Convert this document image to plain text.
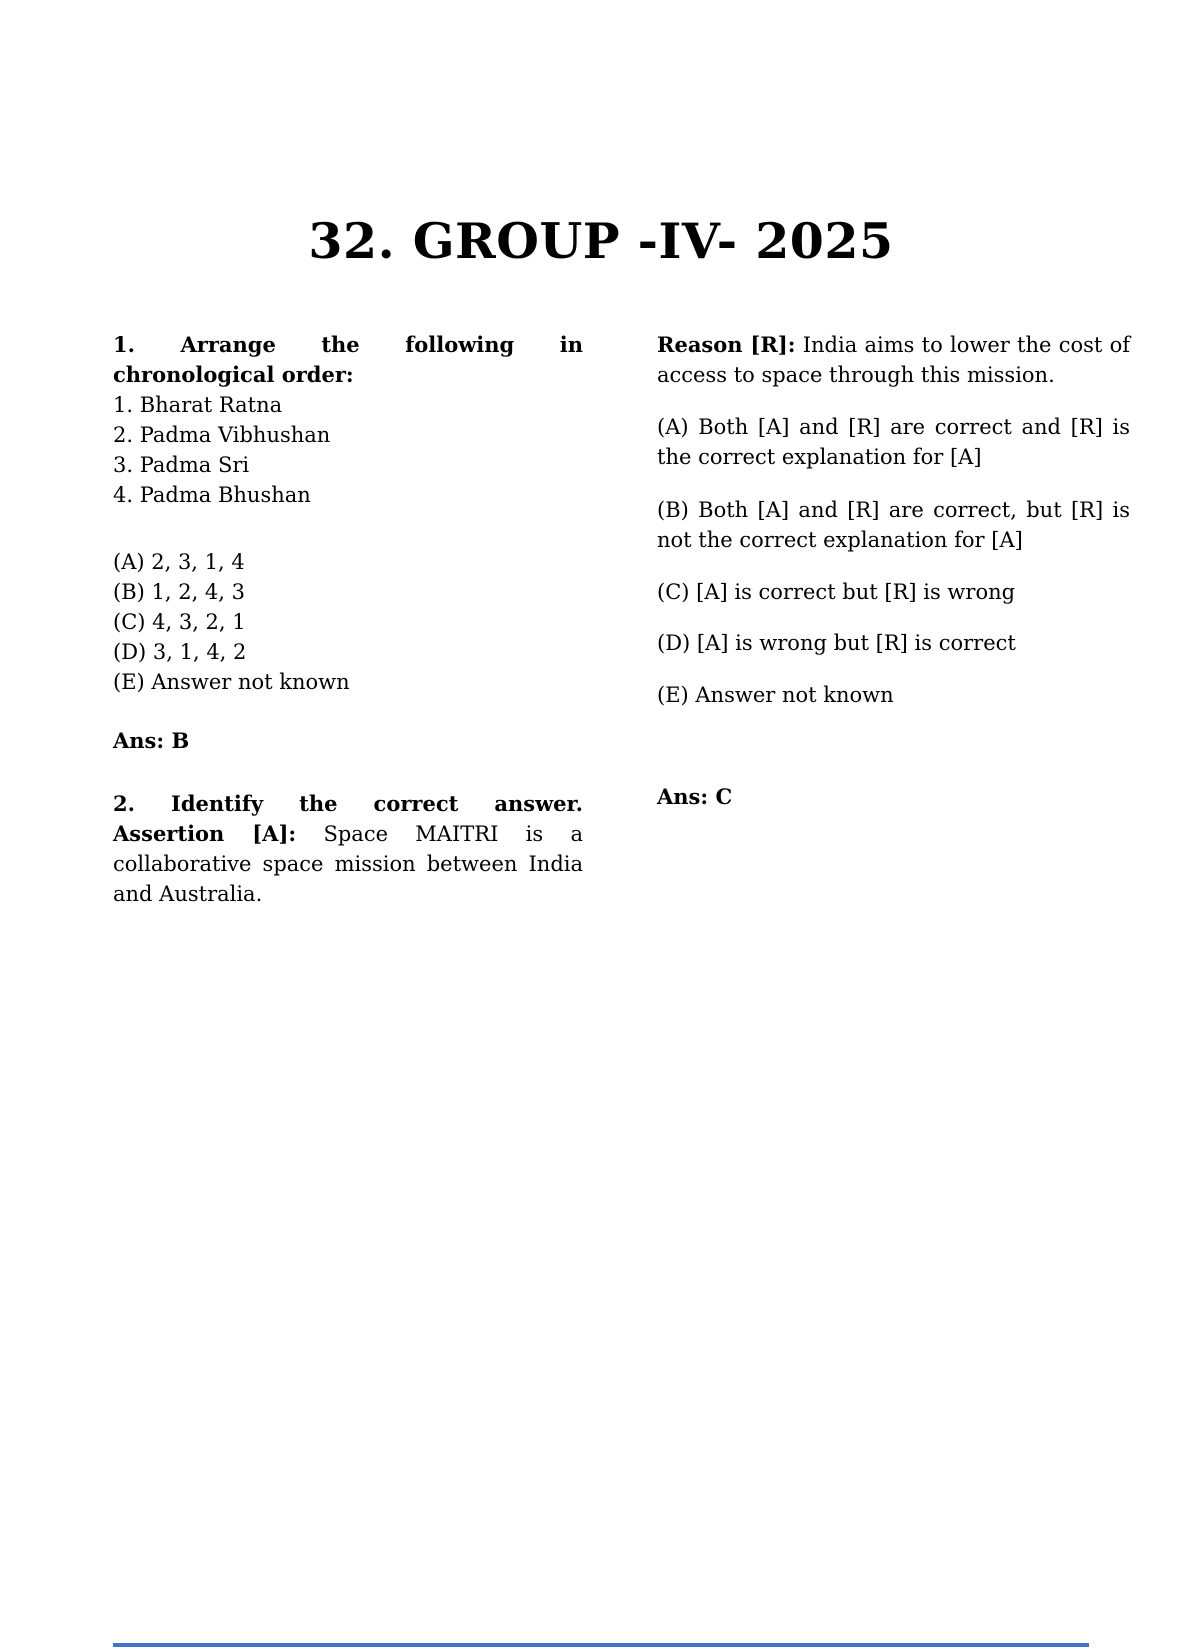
32. GROUP -IV- 2025
1. Arrange the following in
chronological order:
1. Bharat Ratna
2. Padma Vibhushan
3. Padma Sri
4. Padma Bhushan
(A) 2, 3, 1, 4
(B) 1, 2, 4, 3
(C) 4, 3, 2, 1
(D) 3, 1, 4, 2
(E) Answer not known
Ans: B
2. Identify the correct answer.
Assertion [A]: Space MAITRI is a
collaborative space mission between India
and Australia.
Reason [R]: India aims to lower the cost of
access to space through this mission.
(A) Both [A] and [R] are correct and [R] is
the correct explanation for [A]
(B) Both [A] and [R] are correct, but [R] is
not the correct explanation for [A]
(C) [A] is correct but [R] is wrong
(D) [A] is wrong but [R] is correct
(E) Answer not known
Ans: C
